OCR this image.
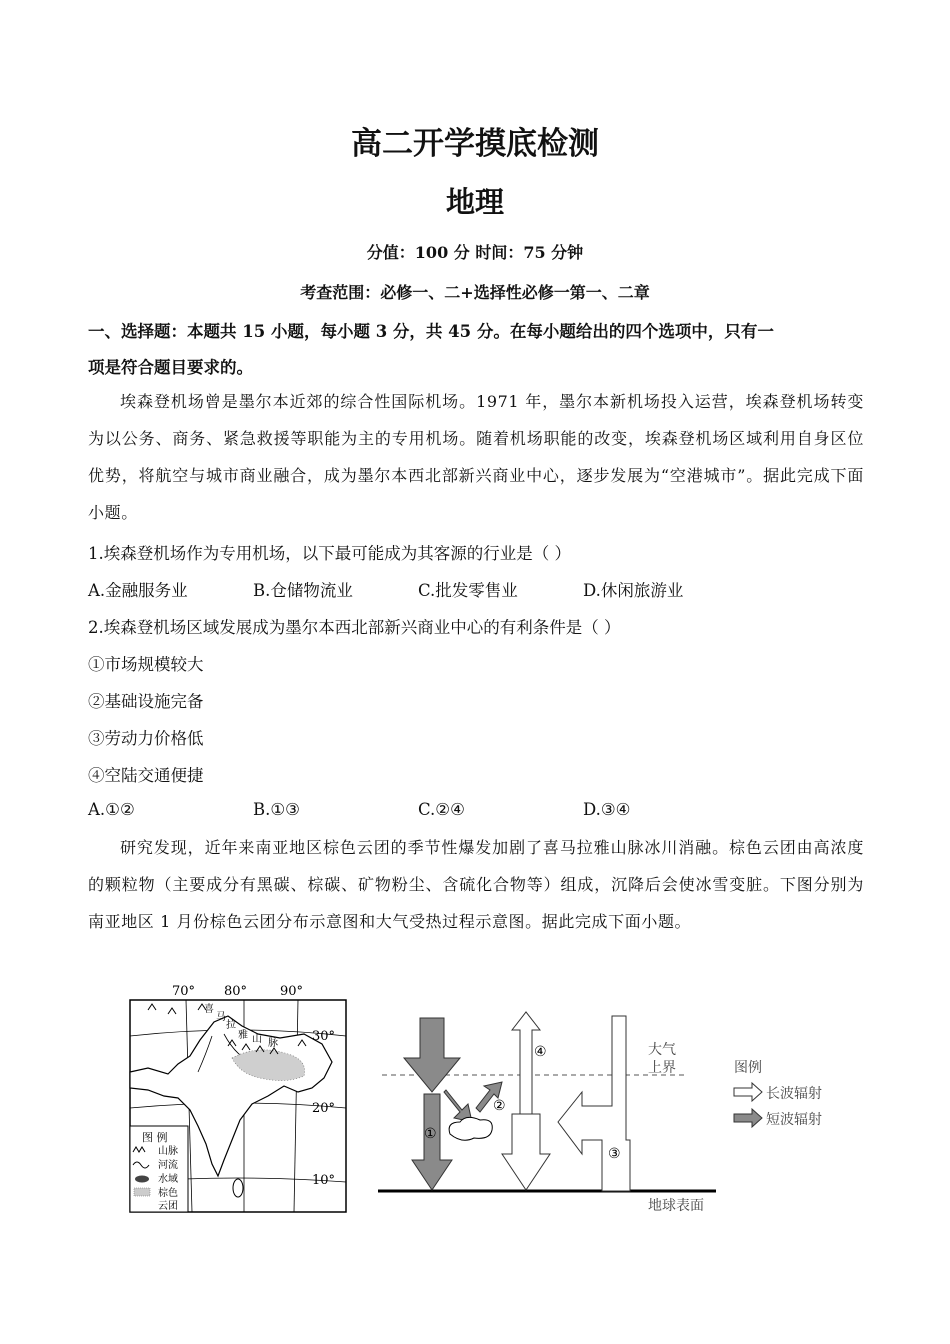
高二开学摸底检测
地理
分值：100 分 时间：75 分钟
考查范围：必修一、二+选择性必修一第一、二章
一、选择题：本题共 15 小题，每小题 3 分，共 45 分。在每小题给出的四个选项中，只有一
项是符合题目要求的。
埃森登机场曾是墨尔本近郊的综合性国际机场。1971 年，墨尔本新机场投入运营，埃森登机场转变为以公务、商务、紧急救援等职能为主的专用机场。随着机场职能的改变，埃森登机场区域利用自身区位优势，将航空与城市商业融合，成为墨尔本西北部新兴商业中心，逐步发展为“空港城市”。据此完成下面小题。
1.埃森登机场作为专用机场，以下最可能成为其客源的行业是（ ）
A.金融服务业	B.仓储物流业	C.批发零售业	D.休闲旅游业
2.埃森登机场区域发展成为墨尔本西北部新兴商业中心的有利条件是（ ）
①市场规模较大
②基础设施完备
③劳动力价格低
④空陆交通便捷
A.①②	B.①③	C.②④	D.③④
研究发现，近年来南亚地区棕色云团的季节性爆发加剧了喜马拉雅山脉冰川消融。棕色云团由高浓度的颗粒物（主要成分有黑碳、棕碳、矿物粉尘、含硫化合物等）组成，沉降后会使冰雪变脏。下图分别为南亚地区 1 月份棕色云团分布示意图和大气受热过程示意图。据此完成下面小题。
70° 80°	90°
喜
马
拉
雅 山 脉	30°
20°
10°
图 例
山脉
河流
水域
棕色
云团
①
②
④
③
大气
上界
地球表面
图例
长波辐射
短波辐射
